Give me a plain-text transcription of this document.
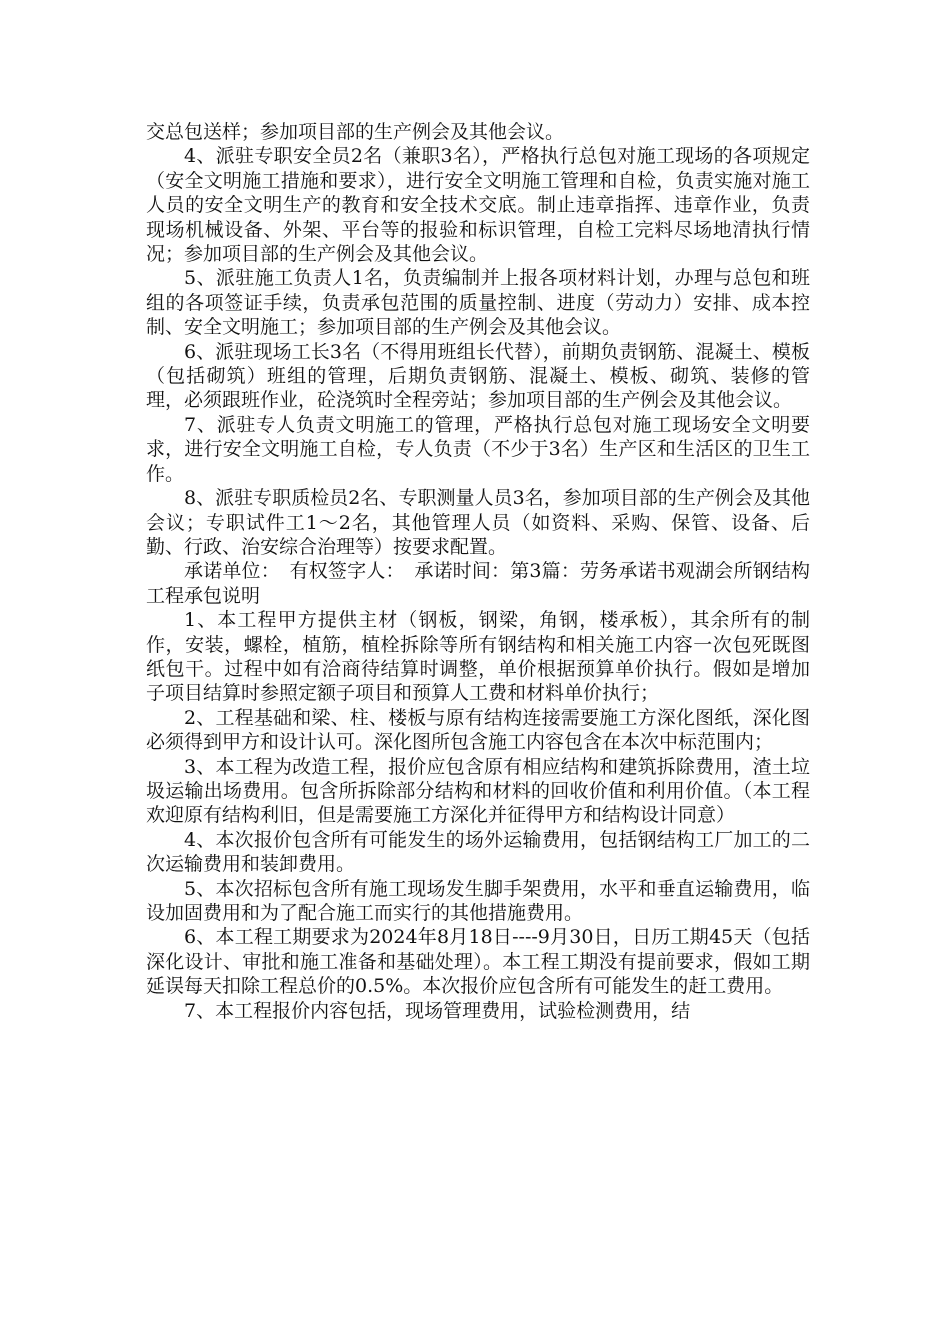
交总包送样；参加项目部的生产例会及其他会议。

4、派驻专职安全员2名（兼职3名），严格执行总包对施工现场的各项规定（安全文明施工措施和要求），进行安全文明施工管理和自检，负责实施对施工人员的安全文明生产的教育和安全技术交底。制止违章指挥、违章作业，负责现场机械设备、外架、平台等的报验和标识管理，自检工完料尽场地清执行情况；参加项目部的生产例会及其他会议。

5、派驻施工负责人1名，负责编制并上报各项材料计划，办理与总包和班组的各项签证手续，负责承包范围的质量控制、进度（劳动力）安排、成本控制、安全文明施工；参加项目部的生产例会及其他会议。

6、派驻现场工长3名（不得用班组长代替），前期负责钢筋、混凝土、模板（包括砌筑）班组的管理，后期负责钢筋、混凝土、模板、砌筑、装修的管理，必须跟班作业，砼浇筑时全程旁站；参加项目部的生产例会及其他会议。

7、派驻专人负责文明施工的管理，严格执行总包对施工现场安全文明要求，进行安全文明施工自检，专人负责（不少于3名）生产区和生活区的卫生工作。

8、派驻专职质检员2名、专职测量人员3名，参加项目部的生产例会及其他会议；专职试件工1～2名，其他管理人员（如资料、采购、保管、设备、后勤、行政、治安综合治理等）按要求配置。

承诺单位：　有权签字人：　承诺时间：第3篇：劳务承诺书观湖会所钢结构工程承包说明

1、本工程甲方提供主材（钢板，钢梁，角钢，楼承板），其余所有的制作，安装，螺栓，植筋，植栓拆除等所有钢结构和相关施工内容一次包死既图纸包干。过程中如有洽商待结算时调整，单价根据预算单价执行。假如是增加子项目结算时参照定额子项目和预算人工费和材料单价执行；

2、工程基础和梁、柱、楼板与原有结构连接需要施工方深化图纸，深化图必须得到甲方和设计认可。深化图所包含施工内容包含在本次中标范围内；

3、本工程为改造工程，报价应包含原有相应结构和建筑拆除费用，渣土垃圾运输出场费用。包含所拆除部分结构和材料的回收价值和利用价值。（本工程欢迎原有结构利旧，但是需要施工方深化并征得甲方和结构设计同意）

4、本次报价包含所有可能发生的场外运输费用，包括钢结构工厂加工的二次运输费用和装卸费用。

5、本次招标包含所有施工现场发生脚手架费用，水平和垂直运输费用，临设加固费用和为了配合施工而实行的其他措施费用。

6、本工程工期要求为2024年8月18日----9月30日，日历工期45天（包括深化设计、审批和施工准备和基础处理）。本工程工期没有提前要求，假如工期延误每天扣除工程总价的0.5%。本次报价应包含所有可能发生的赶工费用。

7、本工程报价内容包括，现场管理费用，试验检测费用，结
